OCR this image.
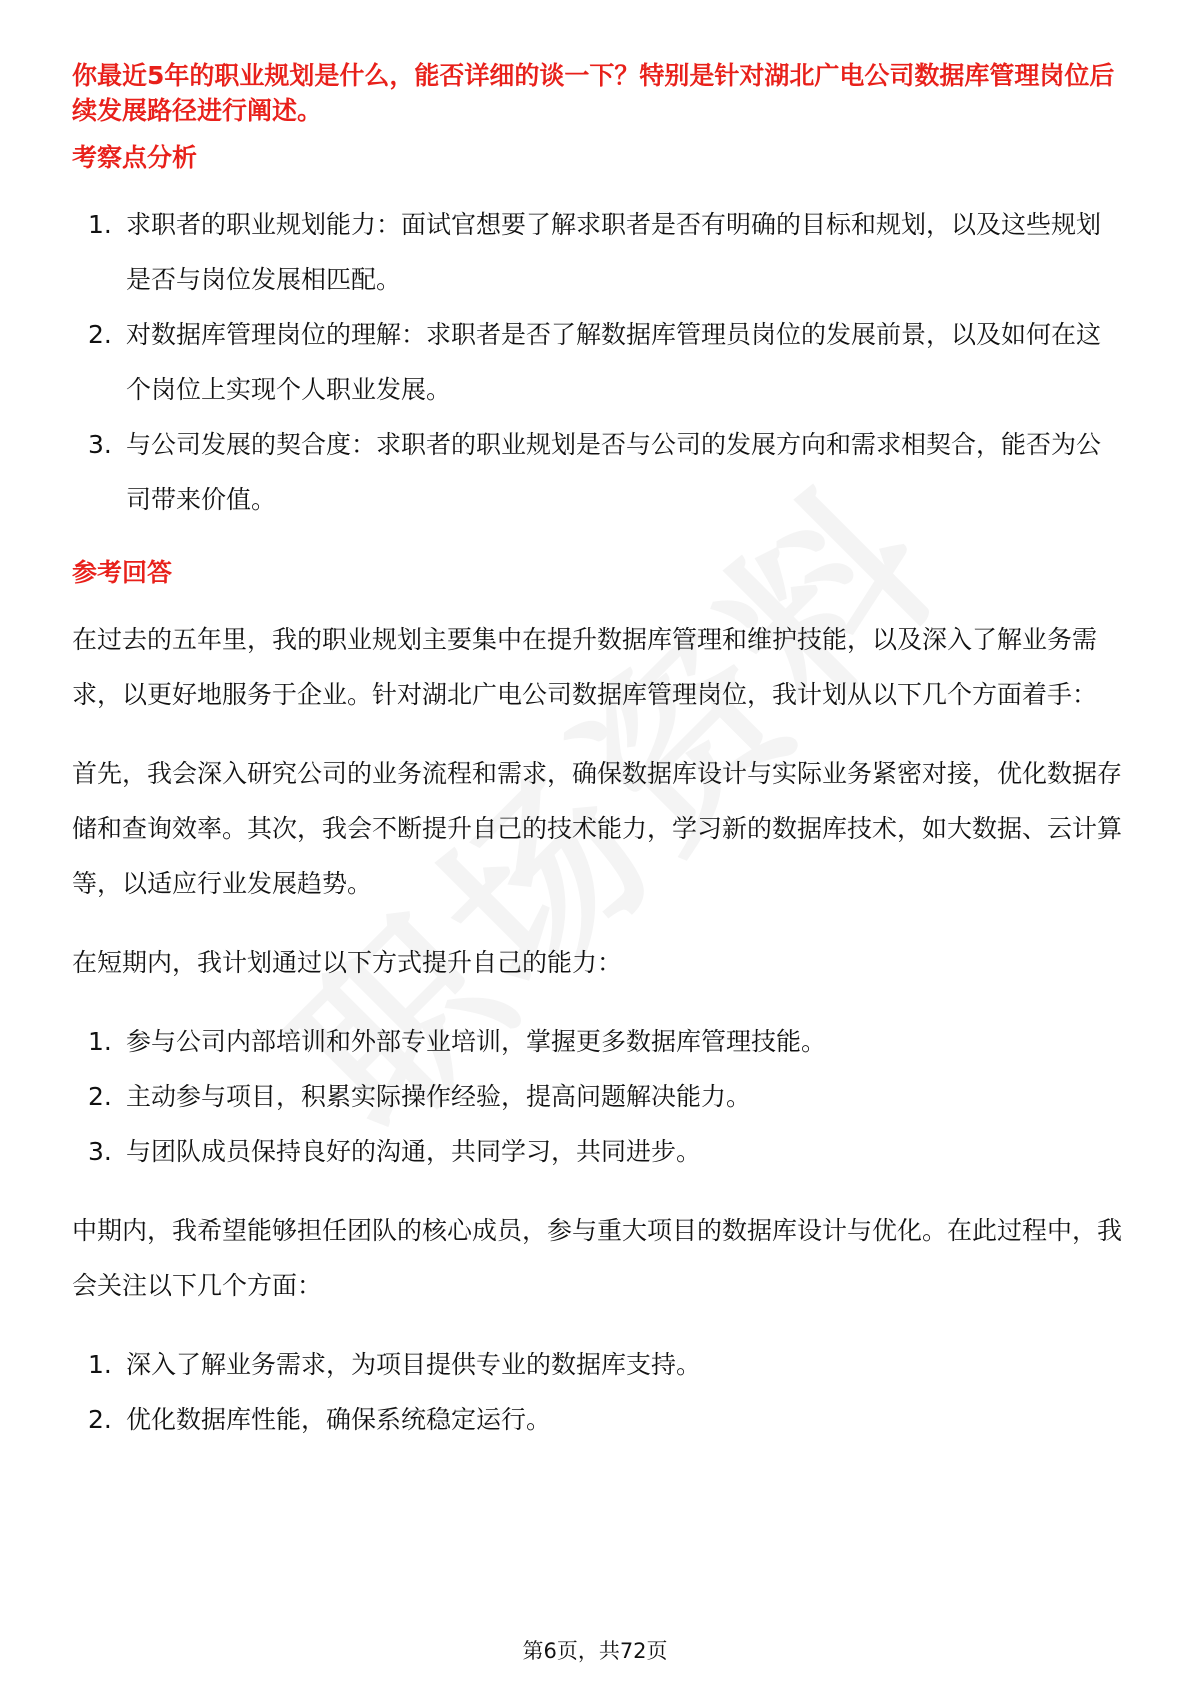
你最近5年的职业规划是什么，能否详细的谈一下？特别是针对湖北广电公司数据库管理岗位后续发展路径进行阐述。

考察点分析
1. 求职者的职业规划能力：面试官想要了解求职者是否有明确的目标和规划，以及这些规划是否与岗位发展相匹配。
2. 对数据库管理岗位的理解：求职者是否了解数据库管理员岗位的发展前景，以及如何在这个岗位上实现个人职业发展。
3. 与公司发展的契合度：求职者的职业规划是否与公司的发展方向和需求相契合，能否为公司带来价值。
参考回答

在过去的五年里，我的职业规划主要集中在提升数据库管理和维护技能，以及深入了解业务需求，以更好地服务于企业。针对湖北广电公司数据库管理岗位，我计划从以下几个方面着手：

首先，我会深入研究公司的业务流程和需求，确保数据库设计与实际业务紧密对接，优化数据存储和查询效率。其次，我会不断提升自己的技术能力，学习新的数据库技术，如大数据、云计算等，以适应行业发展趋势。

在短期内，我计划通过以下方式提升自己的能力：

1. 参与公司内部培训和外部专业培训，掌握更多数据库管理技能。
2. 主动参与项目，积累实际操作经验，提高问题解决能力。
3. 与团队成员保持良好的沟通，共同学习，共同进步。

中期内，我希望能够担任团队的核心成员，参与重大项目的数据库设计与优化。在此过程中，我会关注以下几个方面：

1. 深入了解业务需求，为项目提供专业的数据库支持。
2. 优化数据库性能，确保系统稳定运行。
第6页，共72页
